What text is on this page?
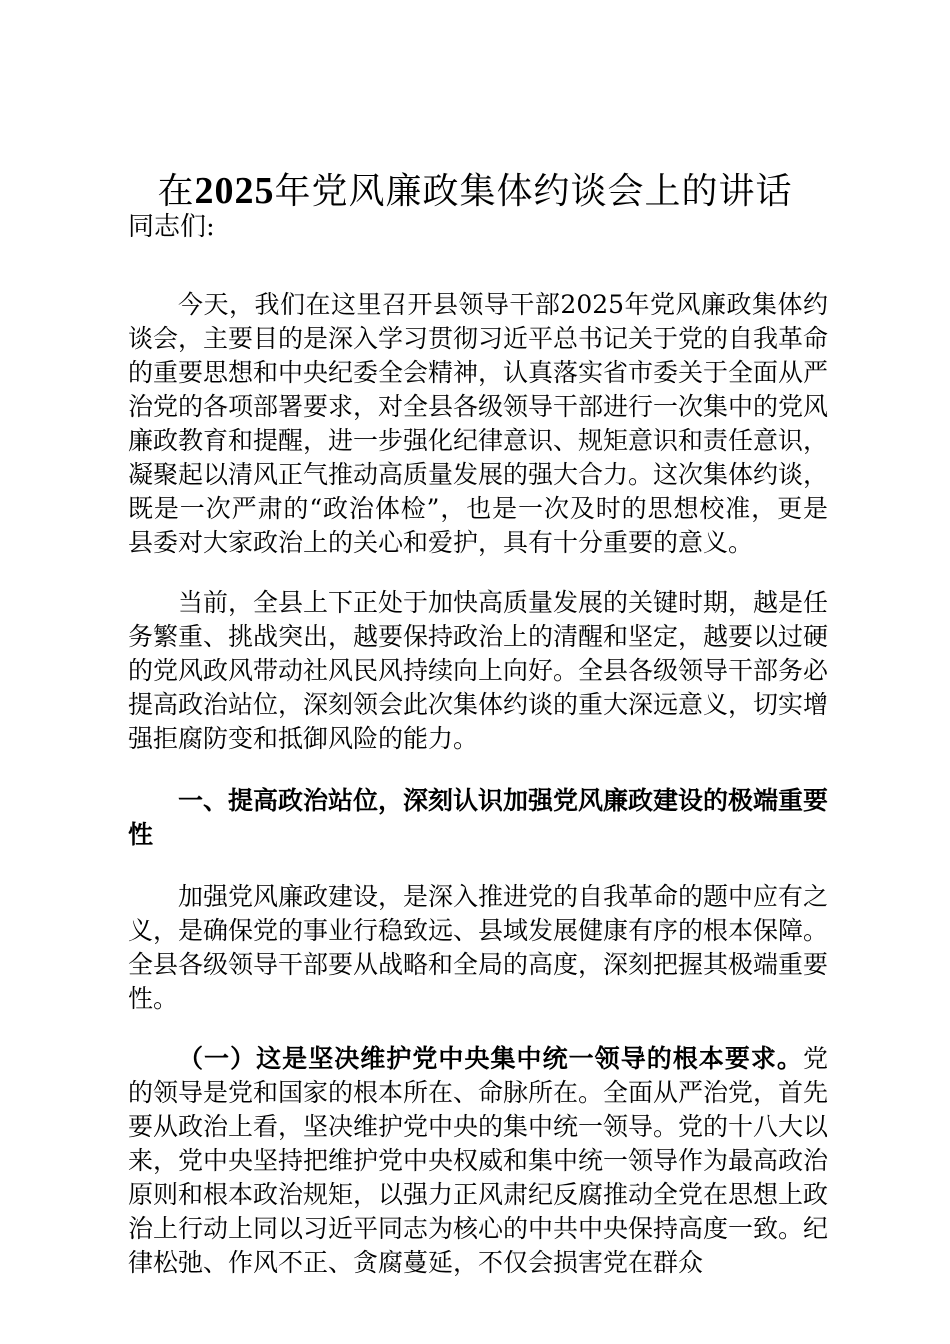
在2025年党风廉政集体约谈会上的讲话

同志们:

今天，我们在这里召开县领导干部2025年党风廉政集体约谈会，主要目的是深入学习贯彻习近平总书记关于党的自我革命的重要思想和中央纪委全会精神，认真落实省市委关于全面从严治党的各项部署要求，对全县各级领导干部进行一次集中的党风廉政教育和提醒，进一步强化纪律意识、规矩意识和责任意识，凝聚起以清风正气推动高质量发展的强大合力。这次集体约谈，既是一次严肃的“政治体检”，也是一次及时的思想校准，更是县委对大家政治上的关心和爱护，具有十分重要的意义。

当前，全县上下正处于加快高质量发展的关键时期，越是任务繁重、挑战突出，越要保持政治上的清醒和坚定，越要以过硬的党风政风带动社风民风持续向上向好。全县各级领导干部务必提高政治站位，深刻领会此次集体约谈的重大深远意义，切实增强拒腐防变和抵御风险的能力。

一、提高政治站位，深刻认识加强党风廉政建设的极端重要性

加强党风廉政建设，是深入推进党的自我革命的题中应有之义，是确保党的事业行稳致远、县域发展健康有序的根本保障。全县各级领导干部要从战略和全局的高度，深刻把握其极端重要性。

（一）这是坚决维护党中央集中统一领导的根本要求。党的领导是党和国家的根本所在、命脉所在。全面从严治党，首先要从政治上看，坚决维护党中央的集中统一领导。党的十八大以来，党中央坚持把维护党中央权威和集中统一领导作为最高政治原则和根本政治规矩，以强力正风肃纪反腐推动全党在思想上政治上行动上同以习近平同志为核心的中共中央保持高度一致。纪律松弛、作风不正、贪腐蔓延，不仅会损害党在群众
